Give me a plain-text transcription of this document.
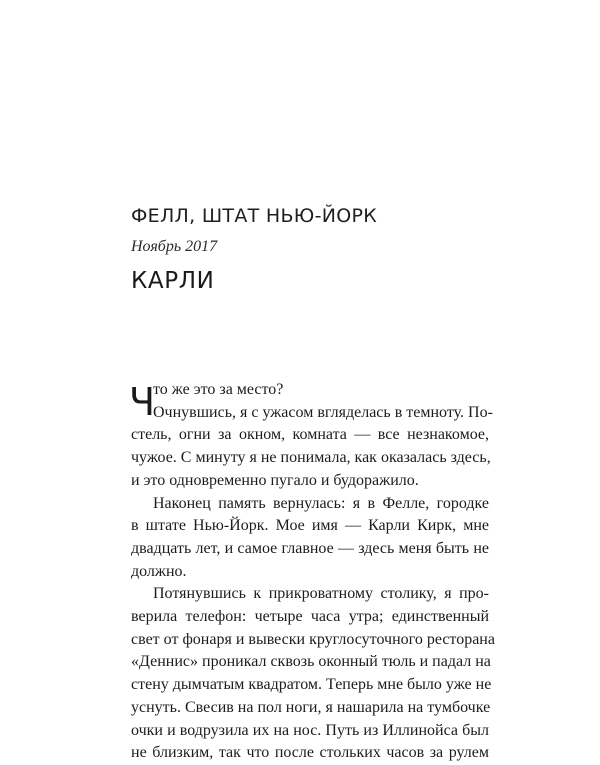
ФЕЛЛ, ШТАТ НЬЮ-ЙОРК
Ноябрь 2017
КАРЛИ
Ч
то же это за место?
Очнувшись, я с ужасом вгляделась в темноту. По-
стель, огни за окном, комната — все незнакомое,
чужое. С минуту я не понимала, как оказалась здесь,
и это одновременно пугало и будоражило.
Наконец память вернулась: я в Фелле, городке
в штате Нью-Йорк. Мое имя — Карли Кирк, мне
двадцать лет, и самое главное — здесь меня быть не
должно.
Потянувшись к прикроватному столику, я про-
верила телефон: четыре часа утра; единственный
свет от фонаря и вывески круглосуточного ресторана
«Деннис» проникал сквозь оконный тюль и падал на
стену дымчатым квадратом. Теперь мне было уже не
уснуть. Свесив на пол ноги, я нашарила на тумбочке
очки и водрузила их на нос. Путь из Иллинойса был
не близким, так что после стольких часов за рулем
